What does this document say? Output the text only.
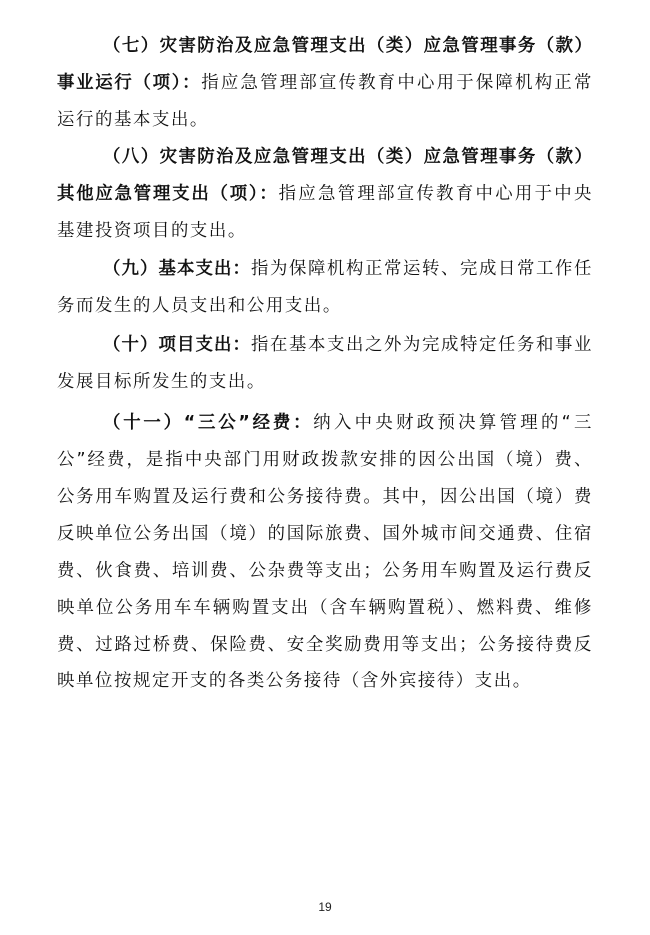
（七）灾害防治及应急管理支出（类）应急管理事务（款）事业运行（项）：指应急管理部宣传教育中心用于保障机构正常运行的基本支出。

（八）灾害防治及应急管理支出（类）应急管理事务（款）其他应急管理支出（项）：指应急管理部宣传教育中心用于中央基建投资项目的支出。

（九）基本支出：指为保障机构正常运转、完成日常工作任务而发生的人员支出和公用支出。

（十）项目支出：指在基本支出之外为完成特定任务和事业发展目标所发生的支出。

（十一）“三公”经费：纳入中央财政预决算管理的“三公”经费，是指中央部门用财政拨款安排的因公出国（境）费、公务用车购置及运行费和公务接待费。其中，因公出国（境）费反映单位公务出国（境）的国际旅费、国外城市间交通费、住宿费、伙食费、培训费、公杂费等支出；公务用车购置及运行费反映单位公务用车车辆购置支出（含车辆购置税）、燃料费、维修费、过路过桥费、保险费、安全奖励费用等支出；公务接待费反映单位按规定开支的各类公务接待（含外宾接待）支出。

19
